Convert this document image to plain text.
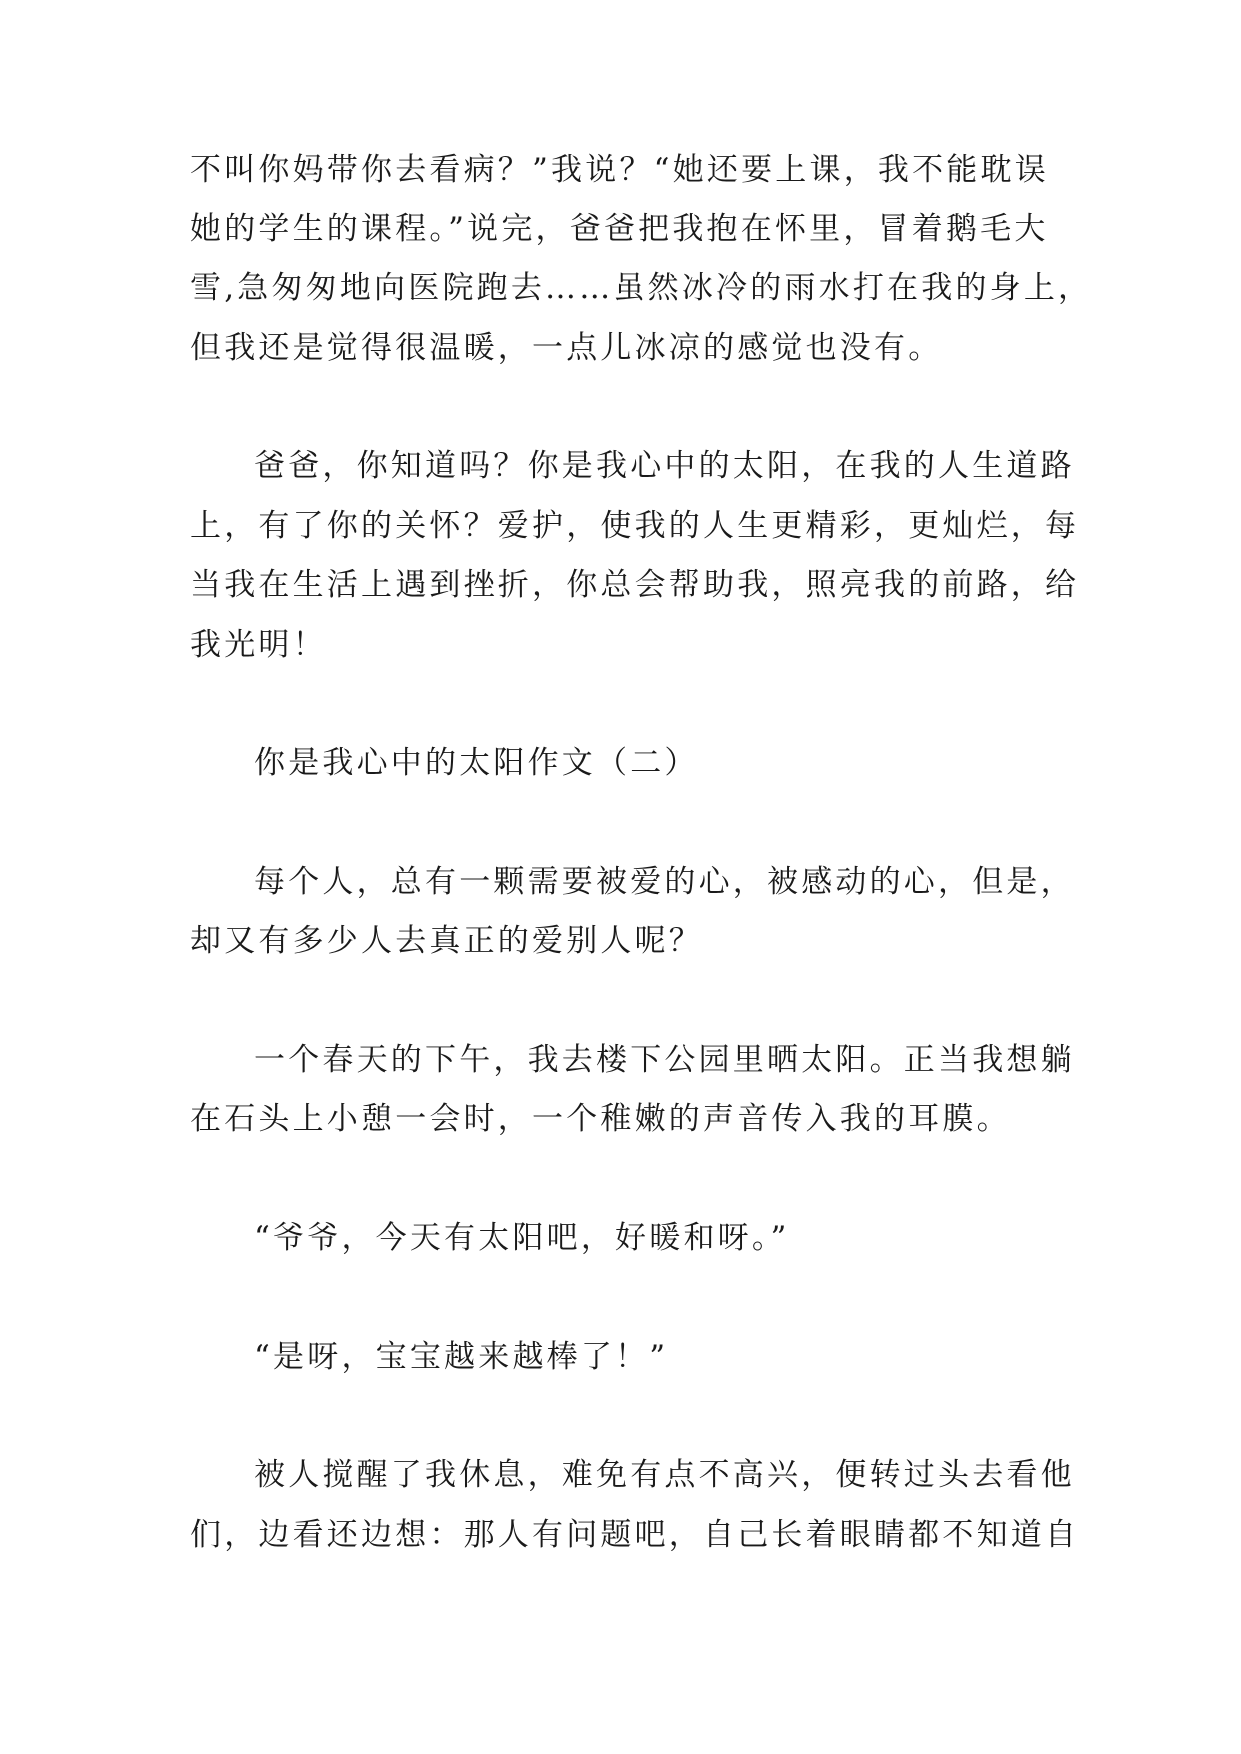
不叫你妈带你去看病？”我说？“她还要上课，我不能耽误

她的学生的课程。”说完，爸爸把我抱在怀里，冒着鹅毛大

雪,急匆匆地向医院跑去……虽然冰冷的雨水打在我的身上，

但我还是觉得很温暖，一点儿冰凉的感觉也没有。

爸爸，你知道吗？你是我心中的太阳，在我的人生道路

上，有了你的关怀？爱护，使我的人生更精彩，更灿烂，每

当我在生活上遇到挫折，你总会帮助我，照亮我的前路，给

我光明！

你是我心中的太阳作文（二）

每个人，总有一颗需要被爱的心，被感动的心，但是，

却又有多少人去真正的爱别人呢？

一个春天的下午，我去楼下公园里晒太阳。正当我想躺

在石头上小憩一会时，一个稚嫩的声音传入我的耳膜。

“爷爷，今天有太阳吧，好暖和呀。”

“是呀，宝宝越来越棒了！”

被人搅醒了我休息，难免有点不高兴，便转过头去看他

们，边看还边想：那人有问题吧，自己长着眼睛都不知道自
